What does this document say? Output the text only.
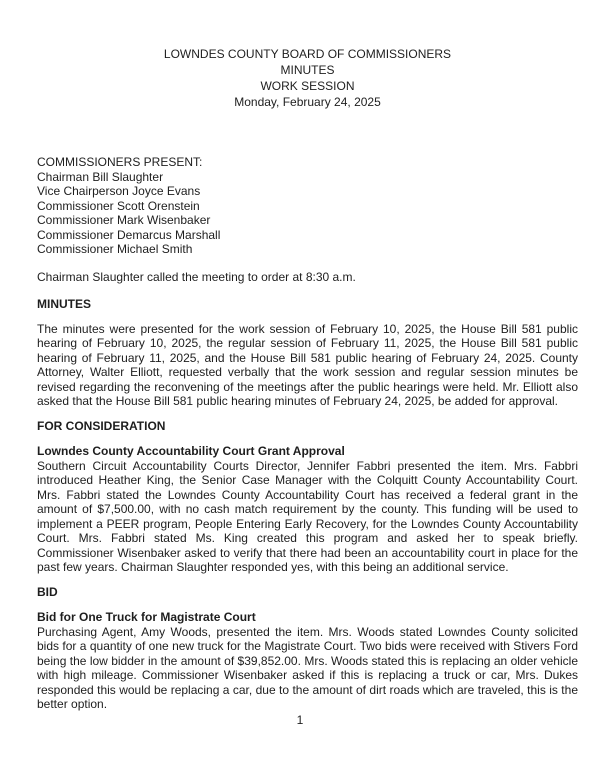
LOWNDES COUNTY BOARD OF COMMISSIONERS
MINUTES
WORK SESSION
Monday, February 24, 2025
COMMISSIONERS PRESENT:
Chairman Bill Slaughter
Vice Chairperson Joyce Evans
Commissioner Scott Orenstein
Commissioner Mark Wisenbaker
Commissioner Demarcus Marshall
Commissioner Michael Smith

Chairman Slaughter called the meeting to order at 8:30 a.m.

MINUTES

The minutes were presented for the work session of February 10, 2025, the House Bill 581 public hearing of February 10, 2025, the regular session of February 11, 2025, the House Bill 581 public hearing of February 11, 2025, and the House Bill 581 public hearing of February 24, 2025. County Attorney, Walter Elliott, requested verbally that the work session and regular session minutes be revised regarding the reconvening of the meetings after the public hearings were held. Mr. Elliott also asked that the House Bill 581 public hearing minutes of February 24, 2025, be added for approval.

FOR CONSIDERATION
Lowndes County Accountability Court Grant Approval

Southern Circuit Accountability Courts Director, Jennifer Fabbri presented the item. Mrs. Fabbri introduced Heather King, the Senior Case Manager with the Colquitt County Accountability Court. Mrs. Fabbri stated the Lowndes County Accountability Court has received a federal grant in the amount of $7,500.00, with no cash match requirement by the county. This funding will be used to implement a PEER program, People Entering Early Recovery, for the Lowndes County Accountability Court. Mrs. Fabbri stated Ms. King created this program and asked her to speak briefly. Commissioner Wisenbaker asked to verify that there had been an accountability court in place for the past few years. Chairman Slaughter responded yes, with this being an additional service.

BID
Bid for One Truck for Magistrate Court

Purchasing Agent, Amy Woods, presented the item. Mrs. Woods stated Lowndes County solicited bids for a quantity of one new truck for the Magistrate Court. Two bids were received with Stivers Ford being the low bidder in the amount of $39,852.00. Mrs. Woods stated this is replacing an older vehicle with high mileage. Commissioner Wisenbaker asked if this is replacing a truck or car, Mrs. Dukes responded this would be replacing a car, due to the amount of dirt roads which are traveled, this is the better option.

1
